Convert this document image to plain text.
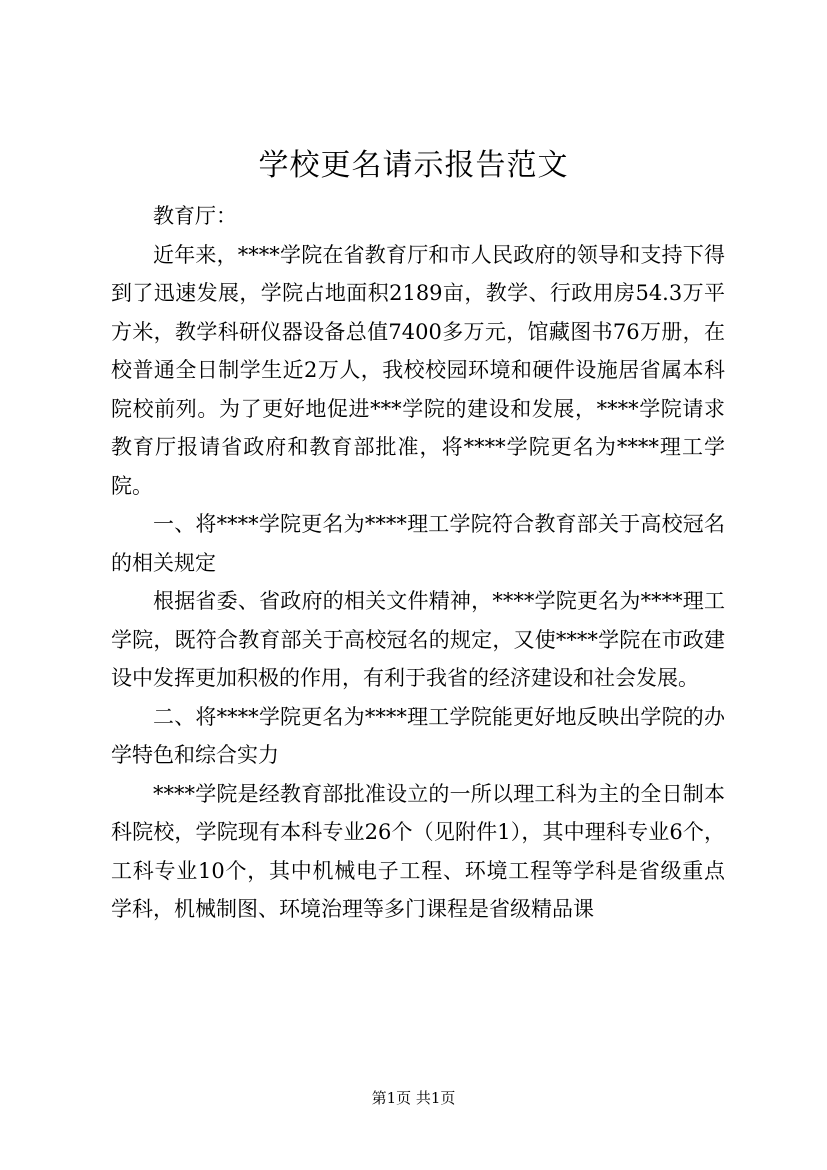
学校更名请示报告范文

教育厅：

近年来，****学院在省教育厅和市人民政府的领导和支持下得到了迅速发展，学院占地面积2189亩，教学、行政用房54.3万平方米，教学科研仪器设备总值7400多万元，馆藏图书76万册，在校普通全日制学生近2万人，我校校园环境和硬件设施居省属本科院校前列。为了更好地促进***学院的建设和发展，****学院请求教育厅报请省政府和教育部批准，将****学院更名为****理工学院。

一、将****学院更名为****理工学院符合教育部关于高校冠名的相关规定

根据省委、省政府的相关文件精神，****学院更名为****理工学院，既符合教育部关于高校冠名的规定，又使****学院在市政建设中发挥更加积极的作用，有利于我省的经济建设和社会发展。

二、将****学院更名为****理工学院能更好地反映出学院的办学特色和综合实力

****学院是经教育部批准设立的一所以理工科为主的全日制本科院校，学院现有本科专业26个（见附件1），其中理科专业6个，工科专业10个，其中机械电子工程、环境工程等学科是省级重点学科，机械制图、环境治理等多门课程是省级精品课

第1页 共1页
